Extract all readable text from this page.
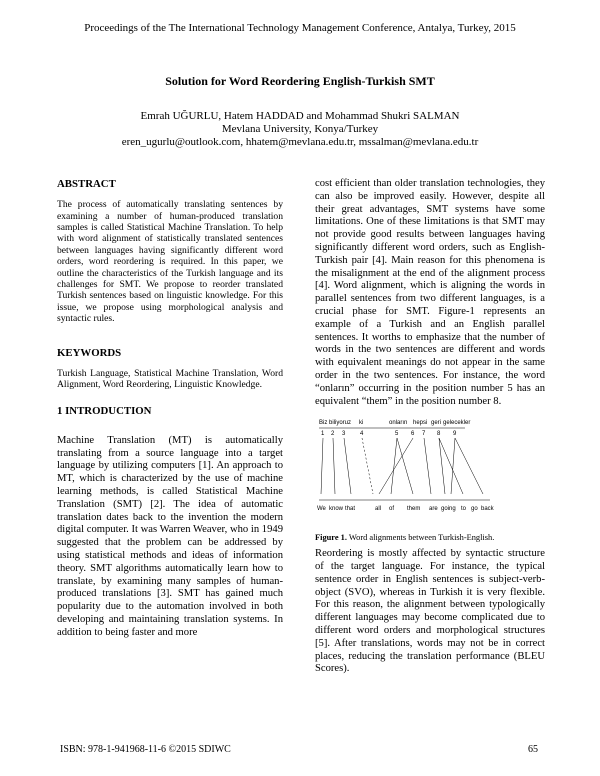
Proceedings of the The International Technology Management Conference, Antalya, Turkey, 2015
Solution for Word Reordering English-Turkish SMT
Emrah UĞURLU, Hatem HADDAD and Mohammad Shukri SALMAN
Mevlana University, Konya/Turkey
eren_ugurlu@outlook.com, hhatem@mevlana.edu.tr, mssalman@mevlana.edu.tr
ABSTRACT
The process of automatically translating sentences by examining a number of human-produced translation samples is called Statistical Machine Translation. To help with word alignment of statistically translated sentences between languages having significantly different word orders, word reordering is required. In this paper, we outline the characteristics of the Turkish language and its challenges for SMT. We propose to reorder translated Turkish sentences based on linguistic knowledge. For this issue, we propose using morphological analysis and syntactic rules.
KEYWORDS
Turkish Language, Statistical Machine Translation, Word Alignment, Word Reordering, Linguistic Knowledge.
1 INTRODUCTION
Machine Translation (MT) is automatically translating from a source language into a target language by utilizing computers [1]. An approach to MT, which is characterized by the use of machine learning methods, is called Statistical Machine Translation (SMT) [2]. The idea of automatic translation dates back to the invention the modern digital computer. It was Warren Weaver, who in 1949 suggested that the problem can be addressed by using statistical methods and ideas of information theory. SMT algorithms automatically learn how to translate, by examining many samples of human-produced translations [3]. SMT has gained much popularity due to the automation involved in both developing and maintaining translation systems. In addition to being faster and more
cost efficient than older translation technologies, they can also be improved easily. However, despite all their great advantages, SMT systems have some limitations. One of these limitations is that SMT may not provide good results between languages having significantly different word orders, such as English-Turkish pair [4]. Main reason for this phenomena is the misalignment at the end of the alignment process [4]. Word alignment, which is aligning the words in parallel sentences from two different languages, is a crucial phase for SMT. Figure-1 represents an example of a Turkish and an English parallel sentences. It worths to emphasize that the number of words in the two sentences are different and words with equivalent meanings do not appear in the same order in the two sentences. For instance, the word “onların” occurring in the position number 5 has an equivalent “them” in the position number 8.
Biz biliyoruz ki	onların hepsi geri gelecekler
1 2 3 4	5 6 7 8 9
We know that	all of them are going to go back
Figure 1. Word alignments between Turkish-English.
Reordering is mostly affected by syntactic structure of the target language. For instance, the typical sentence order in English sentences is subject-verb-object (SVO), whereas in Turkish it is very flexible. For this reason, the alignment between typologically different languages may become complicated due to different word orders and morphological structures [5]. After translations, words may not be in correct places, reducing the translation performance (BLEU Scores).
ISBN: 978-1-941968-11-6 ©2015 SDIWC	65
